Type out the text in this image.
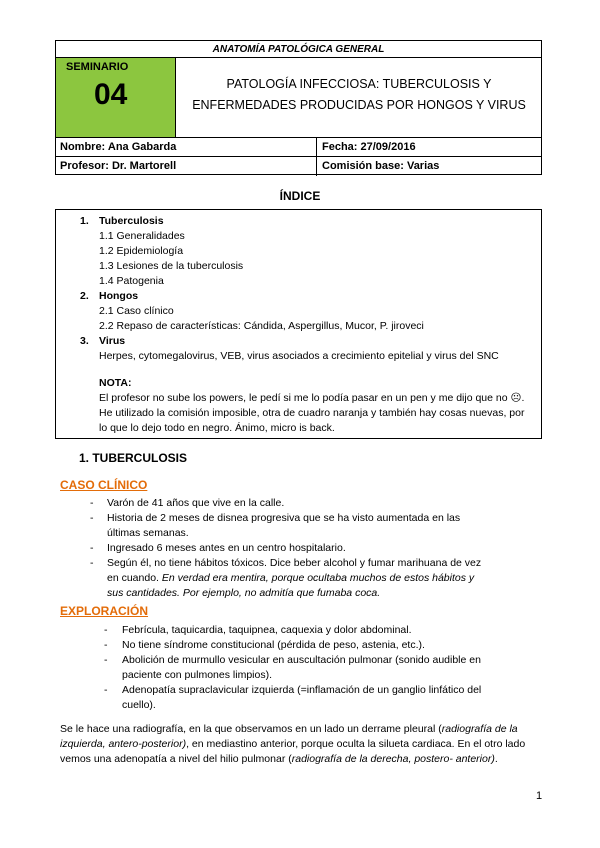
ANATOMÍA PATOLÓGICA GENERAL
SEMINARIO
04	PATOLOGÍA INFECCIOSA: TUBERCULOSIS Y
ENFERMEDADES PRODUCIDAS POR HONGOS Y VIRUS
Nombre: Ana Gabarda	Fecha: 27/09/2016
Profesor: Dr. Martorell	Comisión base: Varias
ÍNDICE
1. Tuberculosis
1.1 Generalidades
1.2 Epidemiología
1.3 Lesiones de la tuberculosis
1.4 Patogenia
2. Hongos
2.1 Caso clínico
2.2 Repaso de características: Cándida, Aspergillus, Mucor, P. jiroveci
3. Virus
Herpes, cytomegalovirus, VEB, virus asociados a crecimiento epitelial y virus del SNC
NOTA:
El profesor no sube los powers, le pedí si me lo podía pasar en un pen y me dijo que no ☹.
He utilizado la comisión imposible, otra de cuadro naranja y también hay cosas nuevas, por
lo que lo dejo todo en negro. Ánimo, micro is back.
1. TUBERCULOSIS
CASO CLÍNICO
- Varón de 41 años que vive en la calle.
- Historia de 2 meses de disnea progresiva que se ha visto aumentada en las
últimas semanas.
- Ingresado 6 meses antes en un centro hospitalario.
- Según él, no tiene hábitos tóxicos. Dice beber alcohol y fumar marihuana de vez
en cuando. En verdad era mentira, porque ocultaba muchos de estos hábitos y
sus cantidades. Por ejemplo, no admitía que fumaba coca.
EXPLORACIÓN
- Febrícula, taquicardia, taquipnea, caquexia y dolor abdominal.
- No tiene síndrome constitucional (pérdida de peso, astenia, etc.).
- Abolición de murmullo vesicular en auscultación pulmonar (sonido audible en
paciente con pulmones limpios).
- Adenopatía supraclavicular izquierda (=inflamación de un ganglio linfático del
cuello).
Se le hace una radiografía, en la que observamos en un lado un derrame pleural (radiografía de la
izquierda, antero-posterior), en mediastino anterior, porque oculta la silueta cardiaca. En el otro lado
vemos una adenopatía a nivel del hilio pulmonar (radiografía de la derecha, postero- anterior).
1
